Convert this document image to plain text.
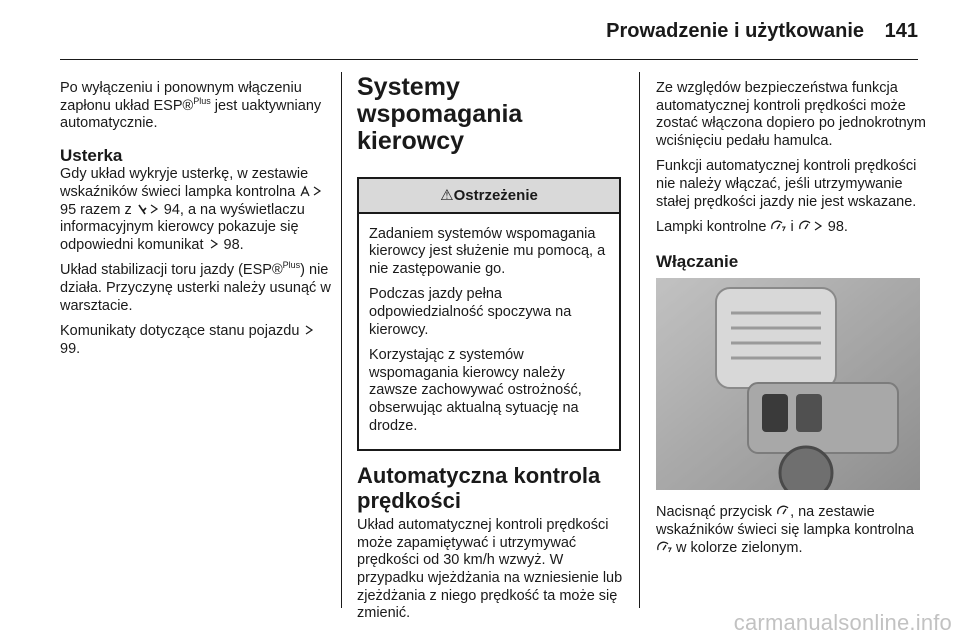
Prowadzenie i użytkowanie 141

Po wyłączeniu i ponownym włączeniu zapłonu układ ESP®$^{Plus}$ jest uaktywniany automatycznie.

Usterka

Gdy układ wykryje usterkę, w zestawie wskaźników świeci lampka kontrolna  95 razem z  94, a na wyświetlaczu informacyjnym kierowcy pokazuje się odpowiedni komunikat  98.

Układ stabilizacji toru jazdy (ESP®$^{Plus}$) nie działa. Przyczynę usterki należy usunąć w warsztacie.

Komunikaty dotyczące stanu pojazdu  99.

Systemy wspomagania kierowcy
⚠Ostrzeżenie

Zadaniem systemów wspomagania kierowcy jest służenie mu pomocą, a nie zastępowanie go.

Podczas jazdy pełna odpowiedzialność spoczywa na kierowcy.

Korzystając z systemów wspomagania kierowcy należy zawsze zachowywać ostrożność, obserwując aktualną sytuację na drodze.

Automatyczna kontrola prędkości

Układ automatycznej kontroli prędkości może zapamiętywać i utrzymywać prędkości od 30 km/h wzwyż. W przypadku wjeżdżania na wzniesienie lub zjeżdżania z niego prędkość ta może się zmienić.

Ze względów bezpieczeństwa funkcja automatycznej kontroli prędkości może zostać włączona dopiero po jednokrotnym wciśnięciu pedału hamulca.

Funkcji automatycznej kontroli prędkości nie należy włączać, jeśli utrzymywanie stałej prędkości jazdy nie jest wskazane.

Lampki kontrolne  i  98.

Włączanie

Nacisnąć przycisk , na zestawie wskaźników świeci się lampka kontrolna  w kolorze zielonym.

carmanualsonline.info
